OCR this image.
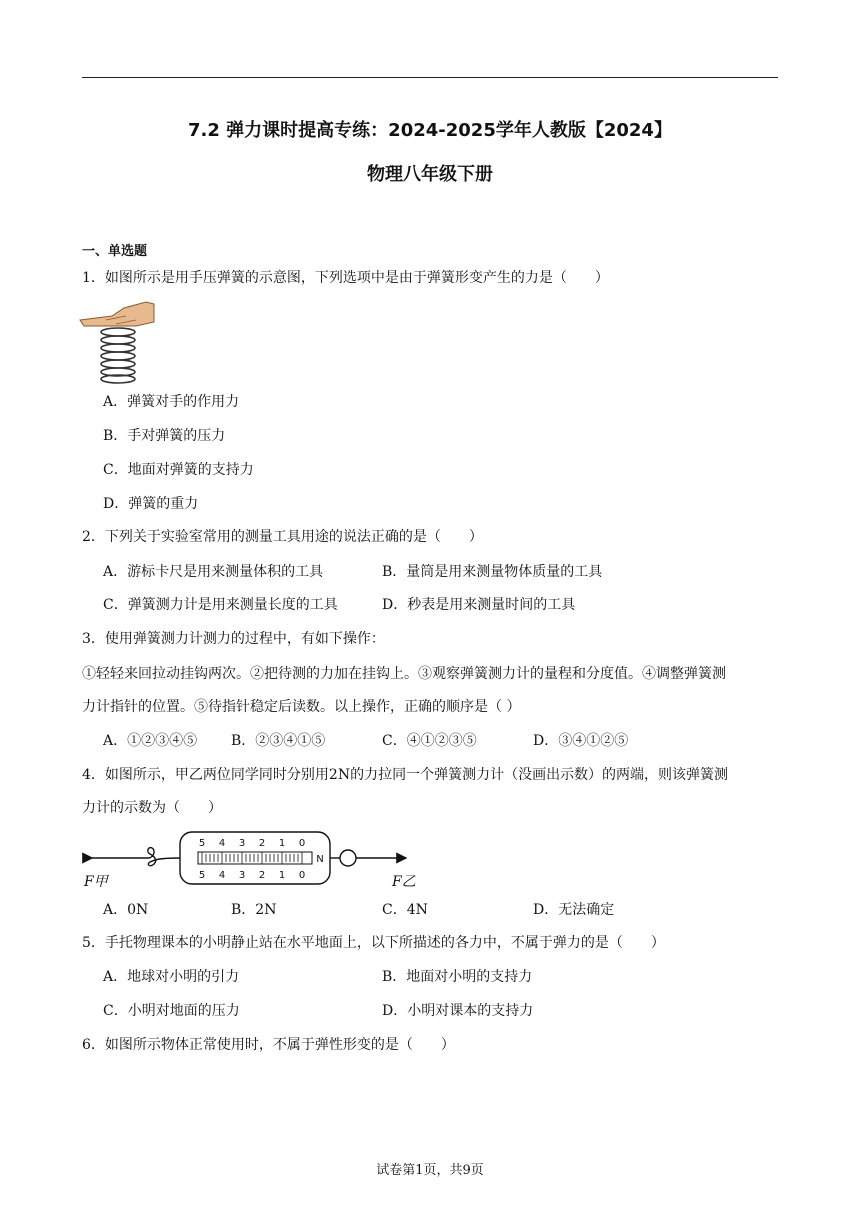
7.2 弹力课时提高专练：2024-2025学年人教版【2024】
物理八年级下册
一、单选题
1．如图所示是用手压弹簧的示意图，下列选项中是由于弹簧形变产生的力是（　　）
A．弹簧对手的作用力
B．手对弹簧的压力
C．地面对弹簧的支持力
D．弹簧的重力
2．下列关于实验室常用的测量工具用途的说法正确的是（　　）
A．游标卡尺是用来测量体积的工具	B．量筒是用来测量物体质量的工具
C．弹簧测力计是用来测量长度的工具	D．秒表是用来测量时间的工具
3．使用弹簧测力计测力的过程中，有如下操作：
①轻轻来回拉动挂钩两次。②把待测的力加在挂钩上。③观察弹簧测力计的量程和分度值。④调整弹簧测
力计指针的位置。⑤待指针稳定后读数。以上操作，正确的顺序是（ ）
A．①②③④⑤ B．②③④①⑤	C．④①②③⑤	D．③④①②⑤
4．如图所示，甲乙两位同学同时分别用2N的力拉同一个弹簧测力计（没画出示数）的两端，则该弹簧测
力计的示数为（　　）
5 4 3 2 1 0
5 4 3 2 1 0
N
F甲	F乙
A．0N	B．2N	C．4N	D．无法确定
5．手托物理课本的小明静止站在水平地面上，以下所描述的各力中，不属于弹力的是（　　）
A．地球对小明的引力	B．地面对小明的支持力
C．小明对地面的压力	D．小明对课本的支持力
6．如图所示物体正常使用时，不属于弹性形变的是（　　）
试卷第1页，共9页
